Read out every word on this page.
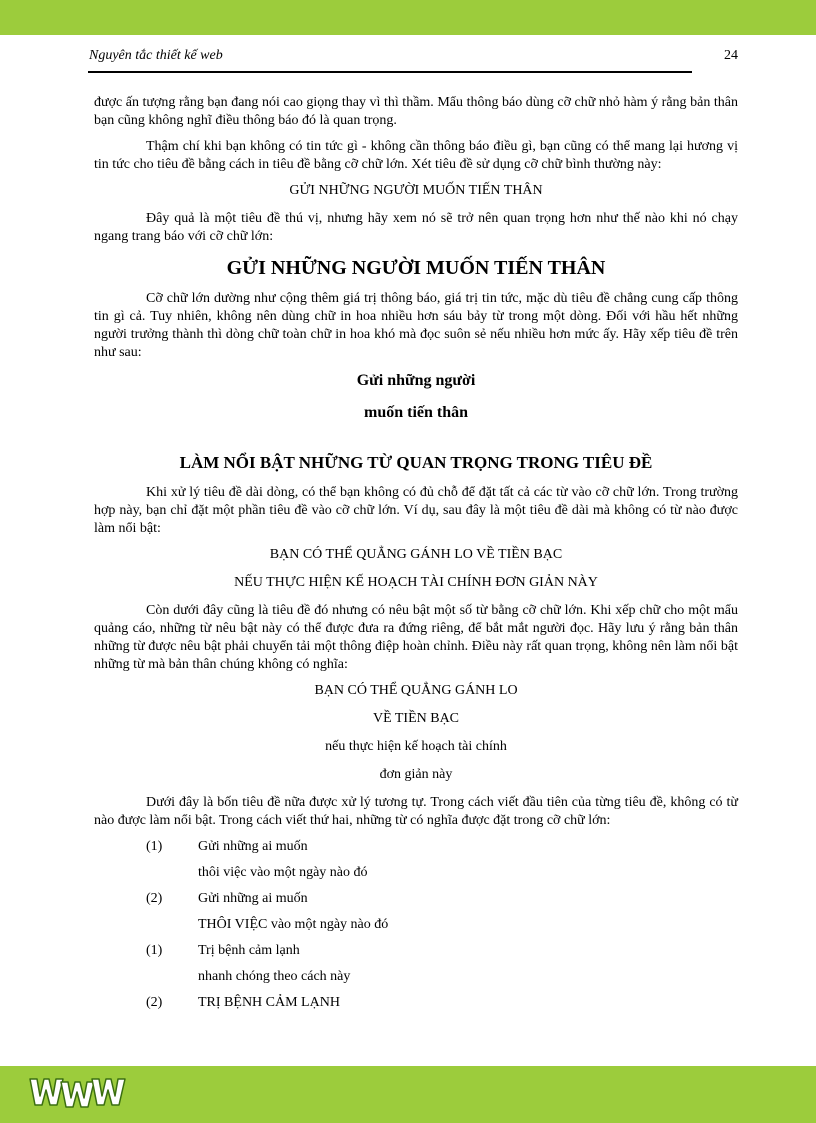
Nguyên tắc thiết kế web	24

được ấn tượng rằng bạn đang nói cao giọng thay vì thì thầm. Mẩu thông báo dùng cỡ chữ nhỏ hàm ý rằng bản thân bạn cũng không nghĩ điều thông báo đó là quan trọng.

Thậm chí khi bạn không có tin tức gì - không cần thông báo điều gì, bạn cũng có thể mang lại hương vị tin tức cho tiêu đề bằng cách in tiêu đề bằng cỡ chữ lớn. Xét tiêu đề sử dụng cỡ chữ bình thường này:

GỬI NHỮNG NGƯỜI MUỐN TIẾN THÂN

Đây quả là một tiêu đề thú vị, nhưng hãy xem nó sẽ trở nên quan trọng hơn như thế nào khi nó chạy ngang trang báo với cỡ chữ lớn:

GỬI NHỮNG NGƯỜI MUỐN TIẾN THÂN

Cỡ chữ lớn dường như cộng thêm giá trị thông báo, giá trị tin tức, mặc dù tiêu đề chẳng cung cấp thông tin gì cả. Tuy nhiên, không nên dùng chữ in hoa nhiều hơn sáu bảy từ trong một dòng. Đối với hầu hết những người trưởng thành thì dòng chữ toàn chữ in hoa khó mà đọc suôn sẻ nếu nhiều hơn mức ấy. Hãy xếp tiêu đề trên như sau:

Gửi những người
muốn tiến thân
LÀM NỔI BẬT NHỮNG TỪ QUAN TRỌNG TRONG TIÊU ĐỀ

Khi xử lý tiêu đề dài dòng, có thể bạn không có đủ chỗ để đặt tất cả các từ vào cỡ chữ lớn. Trong trường hợp này, bạn chỉ đặt một phần tiêu đề vào cỡ chữ lớn. Ví dụ, sau đây là một tiêu đề dài mà không có từ nào được làm nổi bật:

BẠN CÓ THỂ QUẲNG GÁNH LO VỀ TIỀN BẠC
NẾU THỰC HIỆN KẾ HOẠCH TÀI CHÍNH ĐƠN GIẢN NÀY

Còn dưới đây cũng là tiêu đề đó nhưng có nêu bật một số từ bằng cỡ chữ lớn. Khi xếp chữ cho một mẩu quảng cáo, những từ nêu bật này có thể được đưa ra đứng riêng, để bắt mắt người đọc. Hãy lưu ý rằng bản thân những từ được nêu bật phải chuyển tải một thông điệp hoàn chỉnh. Điều này rất quan trọng, không nên làm nổi bật những từ mà bản thân chúng không có nghĩa:

BẠN CÓ THỂ QUẲNG GÁNH LO
VỀ TIỀN BẠC
nếu thực hiện kế hoạch tài chính
đơn giản này

Dưới đây là bốn tiêu đề nữa được xử lý tương tự. Trong cách viết đầu tiên của từng tiêu đề, không có từ nào được làm nổi bật. Trong cách viết thứ hai, những từ có nghĩa được đặt trong cỡ chữ lớn:

(1)	Gửi những ai muốn
thôi việc vào một ngày nào đó
(2)	Gửi những ai muốn
THÔI VIỆC vào một ngày nào đó
(1)	Trị bệnh cảm lạnh
nhanh chóng theo cách này
(2)	TRỊ BỆNH CẢM LẠNH
